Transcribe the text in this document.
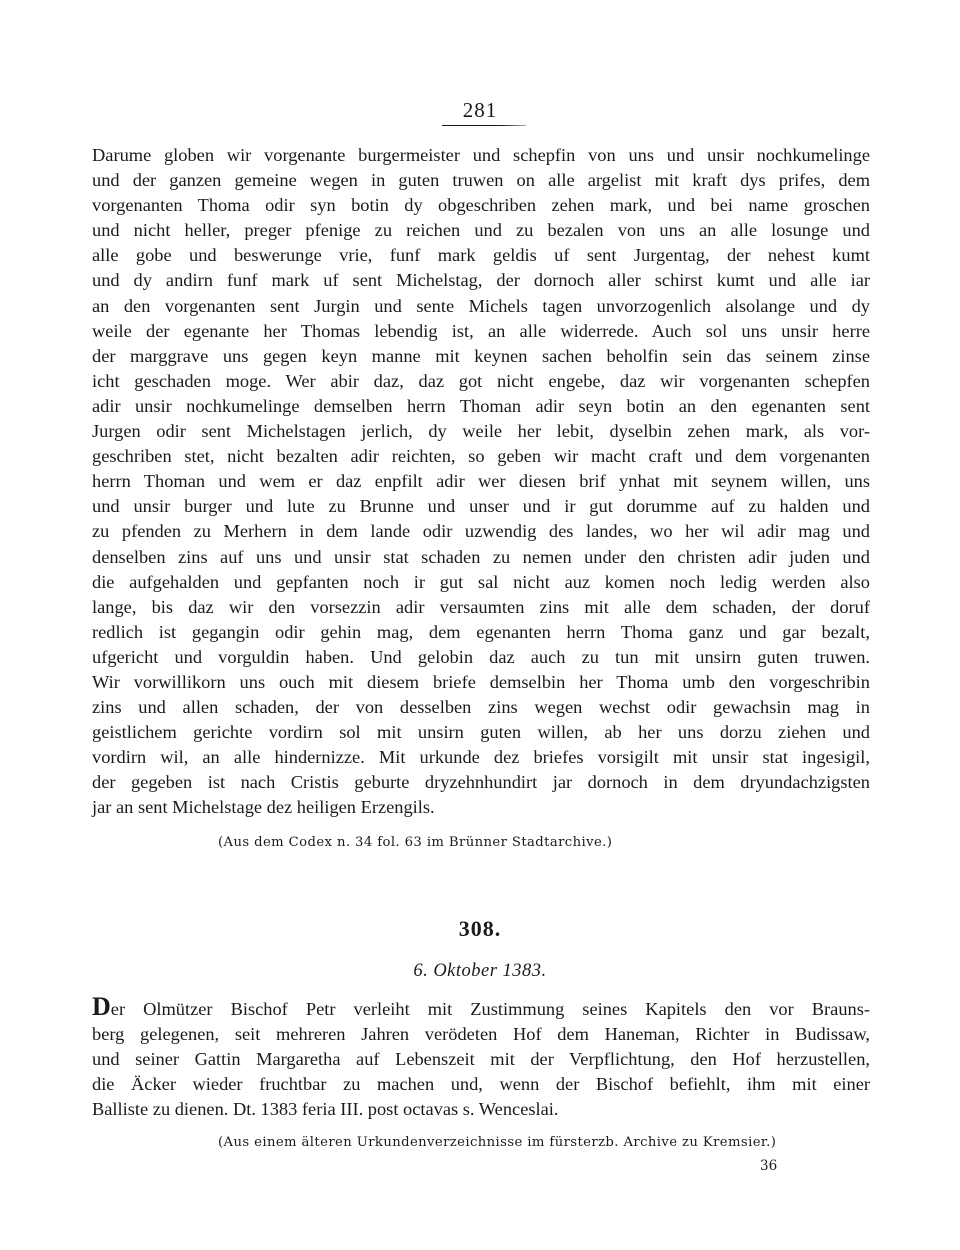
281
Darume globen wir vorgenante burgermeister und schepfin von uns und unsir nochkumelinge
und der ganzen gemeine wegen in guten truwen on alle argelist mit kraft dys prifes, dem
vorgenanten Thoma odir syn botin dy obgeschriben zehen mark, und bei name groschen
und nicht heller, preger pfenige zu reichen und zu bezalen von uns an alle losunge und
alle gobe und beswerunge vrie, funf mark geldis uf sent Jurgentag, der nehest kumt
und dy andirn funf mark uf sent Michelstag, der dornoch aller schirst kumt und alle iar
an den vorgenanten sent Jurgin und sente Michels tagen unvorzogenlich alsolange und dy
weile der egenante her Thomas lebendig ist, an alle widerrede. Auch sol uns unsir herre
der marggrave uns gegen keyn manne mit keynen sachen beholfin sein das seinem zinse
icht geschaden moge. Wer abir daz, daz got nicht engebe, daz wir vorgenanten schepfen
adir unsir nochkumelinge demselben herrn Thoman adir seyn botin an den egenanten sent
Jurgen odir sent Michelstagen jerlich, dy weile her lebit, dyselbin zehen mark, als vor-
geschriben stet, nicht bezalten adir reichten, so geben wir macht craft und dem vorgenanten
herrn Thoman und wem er daz enpfilt adir wer diesen brif ynhat mit seynem willen, uns
und unsir burger und lute zu Brunne und unser und ir gut dorumme auf zu halden und
zu pfenden zu Merhern in dem lande odir uzwendig des landes, wo her wil adir mag und
denselben zins auf uns und unsir stat schaden zu nemen under den christen adir juden und
die aufgehalden und gepfanten noch ir gut sal nicht auz komen noch ledig werden also
lange, bis daz wir den vorsezzin adir versaumten zins mit alle dem schaden, der doruf
redlich ist gegangin odir gehin mag, dem egenanten herrn Thoma ganz und gar bezalt,
ufgericht und vorguldin haben. Und gelobin daz auch zu tun mit unsirn guten truwen.
Wir vorwillikorn uns ouch mit diesem briefe demselbin her Thoma umb den vorgeschribin
zins und allen schaden, der von desselben zins wegen wechst odir gewachsin mag in
geistlichem gerichte vordirn sol mit unsirn guten willen, ab her uns dorzu ziehen und
vordirn wil, an alle hindernizze. Mit urkunde dez briefes vorsigilt mit unsir stat ingesigil,
der gegeben ist nach Cristis geburte dryzehnhundirt jar dornoch in dem dryundachzigsten
jar an sent Michelstage dez heiligen Erzengils.
(Aus dem Codex n. 34 fol. 63 im Brünner Stadtarchive.)
308.
6. Oktober 1383.
Der Olmützer Bischof Petr verleiht mit Zustimmung seines Kapitels den vor Brauns-
berg gelegenen, seit mehreren Jahren verödeten Hof dem Haneman, Richter in Budissaw,
und seiner Gattin Margaretha auf Lebenszeit mit der Verpflichtung, den Hof herzustellen,
die Äcker wieder fruchtbar zu machen und, wenn der Bischof befiehlt, ihm mit einer
Balliste zu dienen. Dt. 1383 feria III. post octavas s. Wenceslai.
(Aus einem älteren Urkundenverzeichnisse im fürsterzb. Archive zu Kremsier.)
36
